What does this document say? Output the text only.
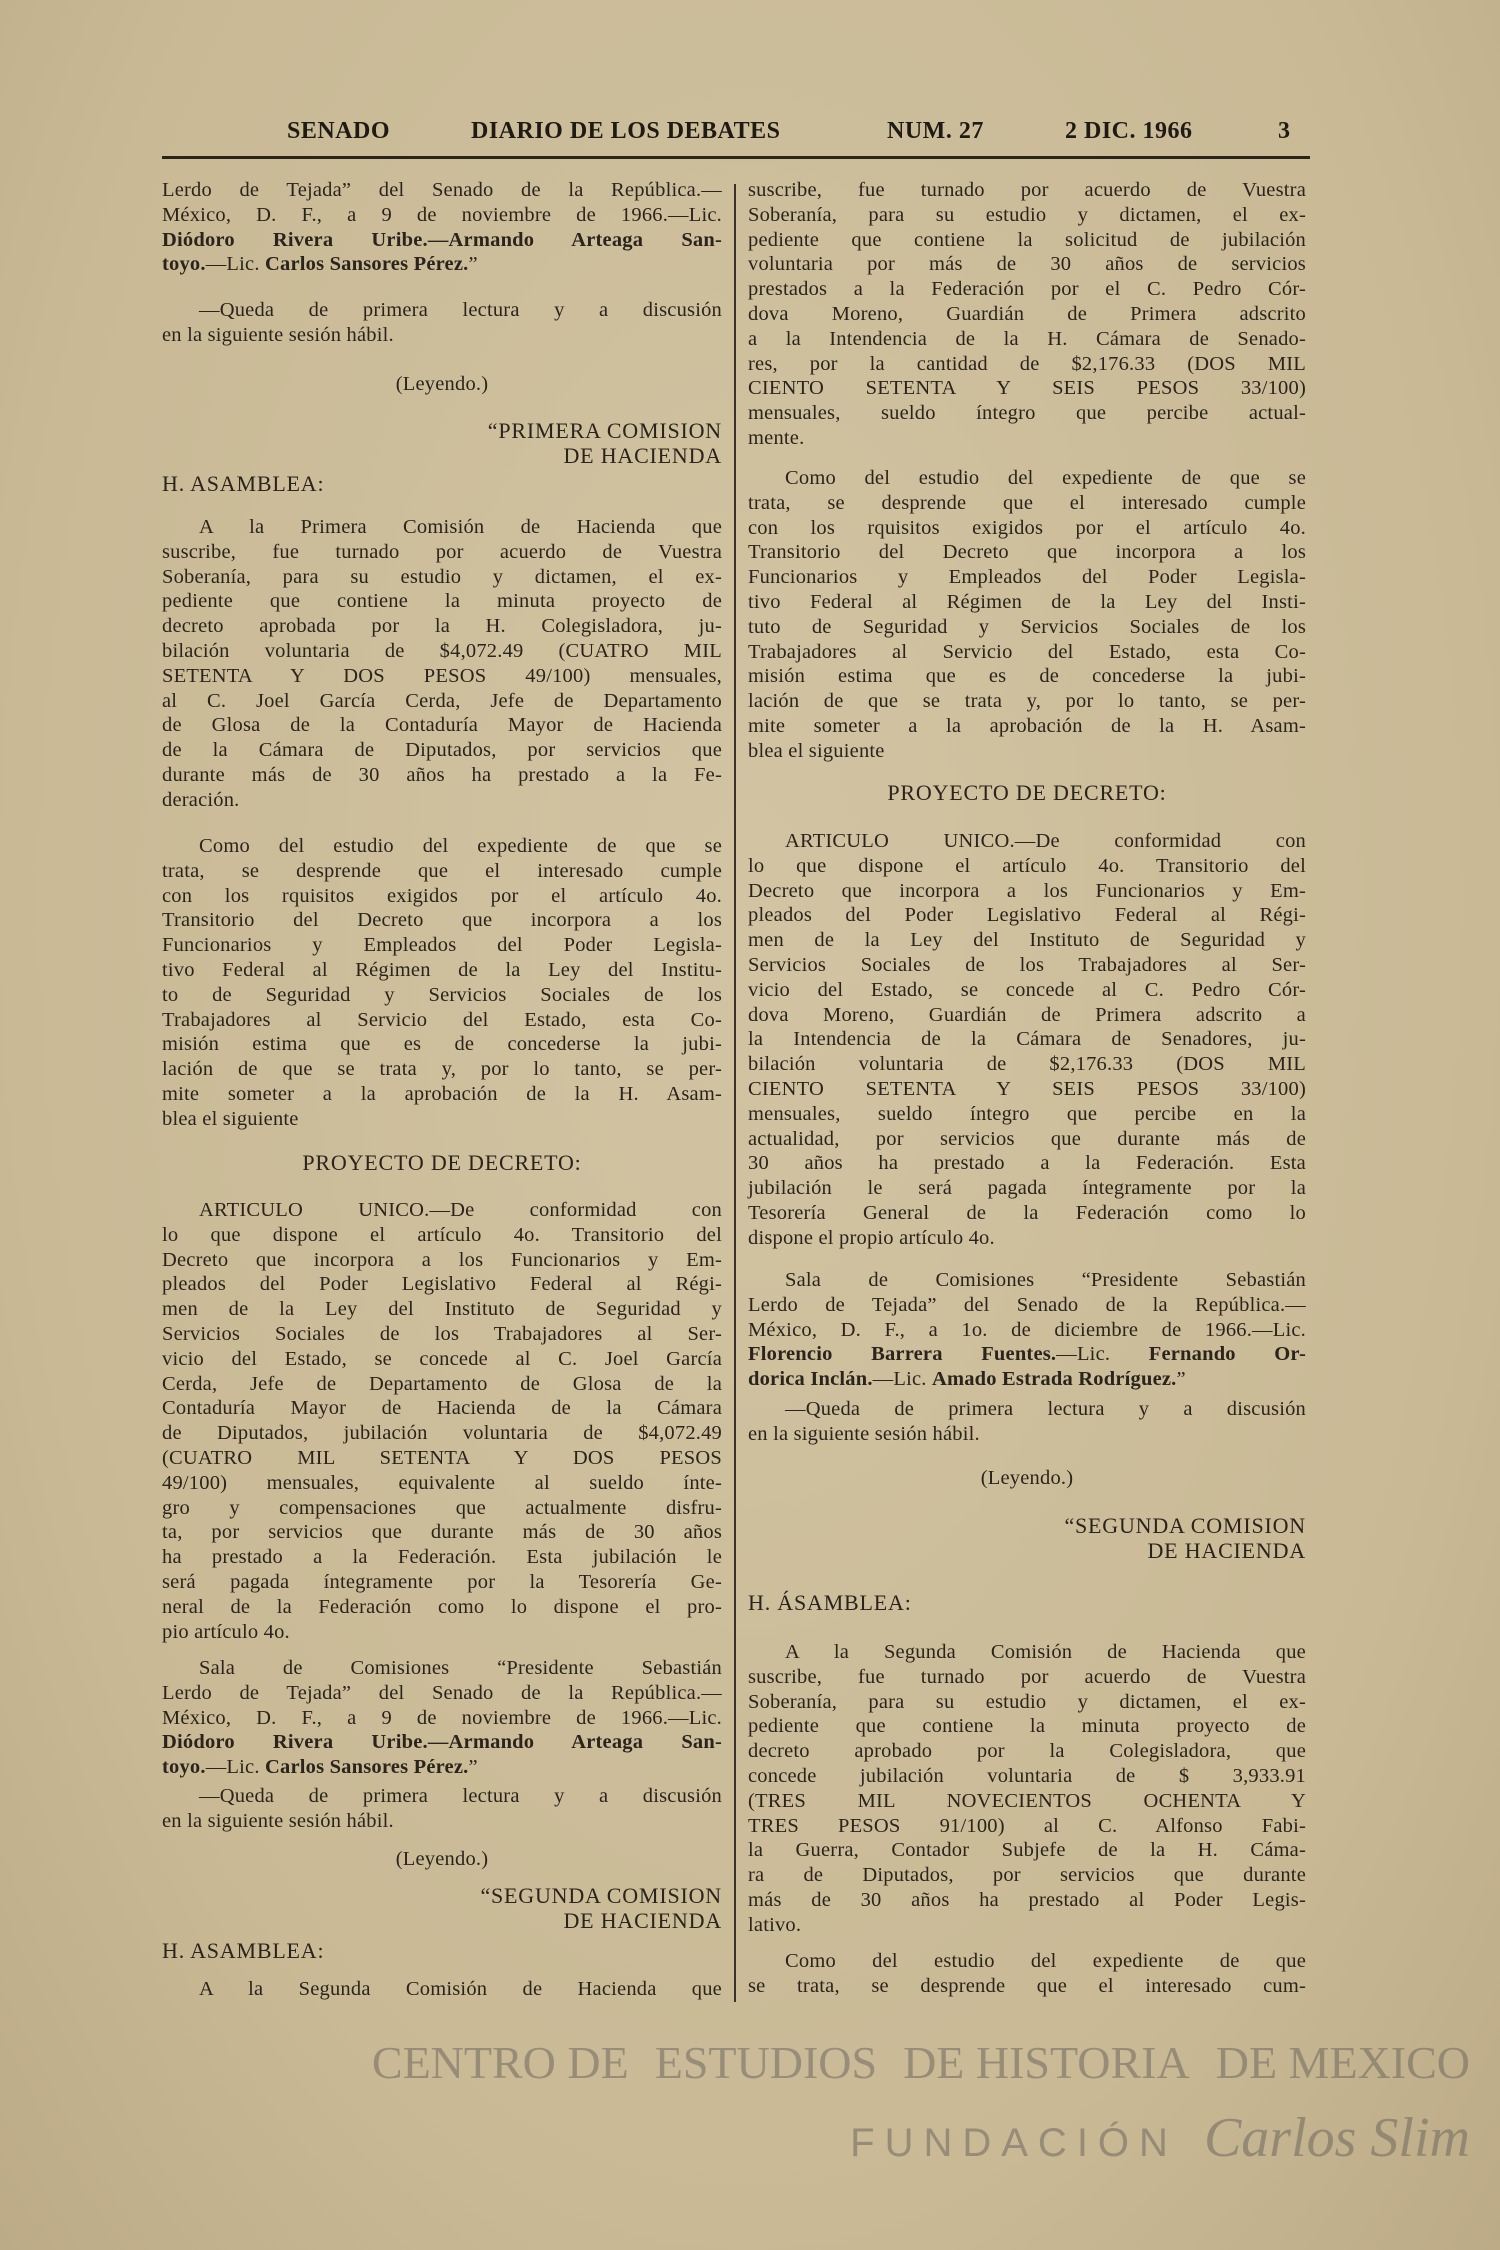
CENTRO DE ESTUDIOS DE HISTORIA DE MEXICO
FUNDACIÓN Carlos Slim
SENADO	DIARIO DE LOS DEBATES	NUM. 27	2 DIC. 1966	3
Lerdo de Tejada” del Senado de la República.—
México, D. F., a 9 de noviembre de 1966.—Lic.
Diódoro Rivera Uribe.—Armando Arteaga San-
toyo.—Lic. Carlos Sansores Pérez.”
—Queda de primera lectura y a discusión
en la siguiente sesión hábil.
(Leyendo.)
“PRIMERA COMISION
DE HACIENDA
H. ASAMBLEA:
A la Primera Comisión de Hacienda que
suscribe, fue turnado por acuerdo de Vuestra
Soberanía, para su estudio y dictamen, el ex-
pediente que contiene la minuta proyecto de
decreto aprobada por la H. Colegisladora, ju-
bilación voluntaria de $4,072.49 (CUATRO MIL
SETENTA Y DOS PESOS 49/100) mensuales,
al C. Joel García Cerda, Jefe de Departamento
de Glosa de la Contaduría Mayor de Hacienda
de la Cámara de Diputados, por servicios que
durante más de 30 años ha prestado a la Fe-
deración.
Como del estudio del expediente de que se
trata, se desprende que el interesado cumple
con los rquisitos exigidos por el artículo 4o.
Transitorio del Decreto que incorpora a los
Funcionarios y Empleados del Poder Legisla-
tivo Federal al Régimen de la Ley del Institu-
to de Seguridad y Servicios Sociales de los
Trabajadores al Servicio del Estado, esta Co-
misión estima que es de concederse la jubi-
lación de que se trata y, por lo tanto, se per-
mite someter a la aprobación de la H. Asam-
blea el siguiente
PROYECTO DE DECRETO:
ARTICULO UNICO.—De conformidad con
lo que dispone el artículo 4o. Transitorio del
Decreto que incorpora a los Funcionarios y Em-
pleados del Poder Legislativo Federal al Régi-
men de la Ley del Instituto de Seguridad y
Servicios Sociales de los Trabajadores al Ser-
vicio del Estado, se concede al C. Joel García
Cerda, Jefe de Departamento de Glosa de la
Contaduría Mayor de Hacienda de la Cámara
de Diputados, jubilación voluntaria de $4,072.49
(CUATRO MIL SETENTA Y DOS PESOS
49/100) mensuales, equivalente al sueldo ínte-
gro y compensaciones que actualmente disfru-
ta, por servicios que durante más de 30 años
ha prestado a la Federación. Esta jubilación le
será pagada íntegramente por la Tesorería Ge-
neral de la Federación como lo dispone el pro-
pio artículo 4o.
Sala de Comisiones “Presidente Sebastián
Lerdo de Tejada” del Senado de la República.—
México, D. F., a 9 de noviembre de 1966.—Lic.
Diódoro Rivera Uribe.—Armando Arteaga San-
toyo.—Lic. Carlos Sansores Pérez.”
—Queda de primera lectura y a discusión
en la siguiente sesión hábil.
(Leyendo.)
“SEGUNDA COMISION
DE HACIENDA
H. ASAMBLEA:
A la Segunda Comisión de Hacienda que
suscribe, fue turnado por acuerdo de Vuestra
Soberanía, para su estudio y dictamen, el ex-
pediente que contiene la solicitud de jubilación
voluntaria por más de 30 años de servicios
prestados a la Federación por el C. Pedro Cór-
dova Moreno, Guardián de Primera adscrito
a la Intendencia de la H. Cámara de Senado-
res, por la cantidad de $2,176.33 (DOS MIL
CIENTO SETENTA Y SEIS PESOS 33/100)
mensuales, sueldo íntegro que percibe actual-
mente.
Como del estudio del expediente de que se
trata, se desprende que el interesado cumple
con los rquisitos exigidos por el artículo 4o.
Transitorio del Decreto que incorpora a los
Funcionarios y Empleados del Poder Legisla-
tivo Federal al Régimen de la Ley del Insti-
tuto de Seguridad y Servicios Sociales de los
Trabajadores al Servicio del Estado, esta Co-
misión estima que es de concederse la jubi-
lación de que se trata y, por lo tanto, se per-
mite someter a la aprobación de la H. Asam-
blea el siguiente
PROYECTO DE DECRETO:
ARTICULO UNICO.—De conformidad con
lo que dispone el artículo 4o. Transitorio del
Decreto que incorpora a los Funcionarios y Em-
pleados del Poder Legislativo Federal al Régi-
men de la Ley del Instituto de Seguridad y
Servicios Sociales de los Trabajadores al Ser-
vicio del Estado, se concede al C. Pedro Cór-
dova Moreno, Guardián de Primera adscrito a
la Intendencia de la Cámara de Senadores, ju-
bilación voluntaria de $2,176.33 (DOS MIL
CIENTO SETENTA Y SEIS PESOS 33/100)
mensuales, sueldo íntegro que percibe en la
actualidad, por servicios que durante más de
30 años ha prestado a la Federación. Esta
jubilación le será pagada íntegramente por la
Tesorería General de la Federación como lo
dispone el propio artículo 4o.
Sala de Comisiones “Presidente Sebastián
Lerdo de Tejada” del Senado de la República.—
México, D. F., a 1o. de diciembre de 1966.—Lic.
Florencio Barrera Fuentes.—Lic. Fernando Or-
dorica Inclán.—Lic. Amado Estrada Rodríguez.”
—Queda de primera lectura y a discusión
en la siguiente sesión hábil.
(Leyendo.)
“SEGUNDA COMISION
DE HACIENDA
H. ÁSAMBLEA:
A la Segunda Comisión de Hacienda que
suscribe, fue turnado por acuerdo de Vuestra
Soberanía, para su estudio y dictamen, el ex-
pediente que contiene la minuta proyecto de
decreto aprobado por la Colegisladora, que
concede jubilación voluntaria de $ 3,933.91
(TRES MIL NOVECIENTOS OCHENTA Y
TRES PESOS 91/100) al C. Alfonso Fabi-
la Guerra, Contador Subjefe de la H. Cáma-
ra de Diputados, por servicios que durante
más de 30 años ha prestado al Poder Legis-
lativo.
Como del estudio del expediente de que
se trata, se desprende que el interesado cum-
